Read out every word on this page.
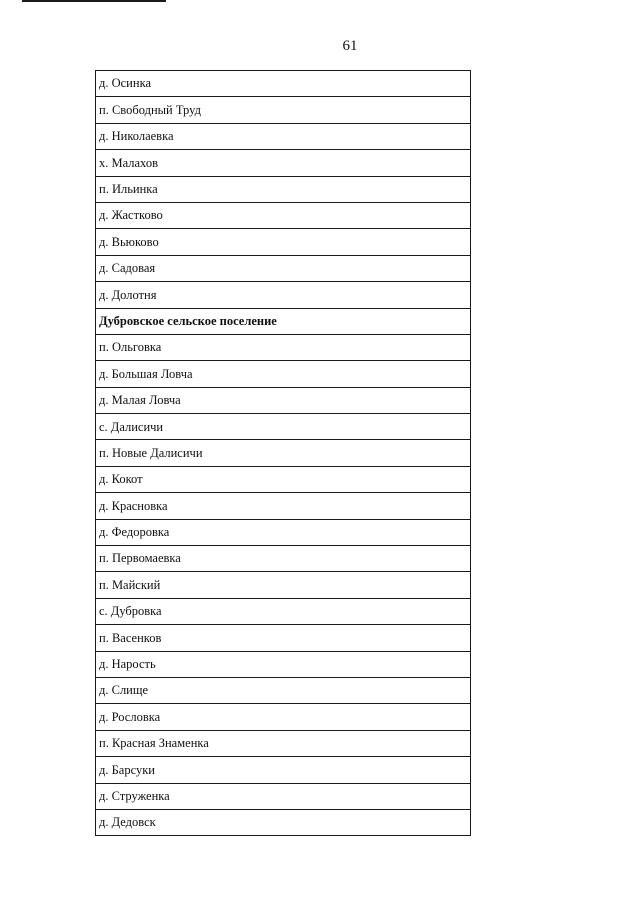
61
д. Осинка
п. Свободный Труд
д. Николаевка
х. Малахов
п. Ильинка
д. Жастково
д. Вьюково
д. Садовая
д. Долотня
Дубровское сельское поселение
п. Ольговка
д. Большая Ловча
д. Малая Ловча
с. Далисичи
п. Новые Далисичи
д. Кокот
д. Красновка
д. Федоровка
п. Первомаевка
п. Майский
с. Дубровка
п. Васенков
д. Нарость
д. Слище
д. Рословка
п. Красная Знаменка
д. Барсуки
д. Струженка
д. Дедовск
